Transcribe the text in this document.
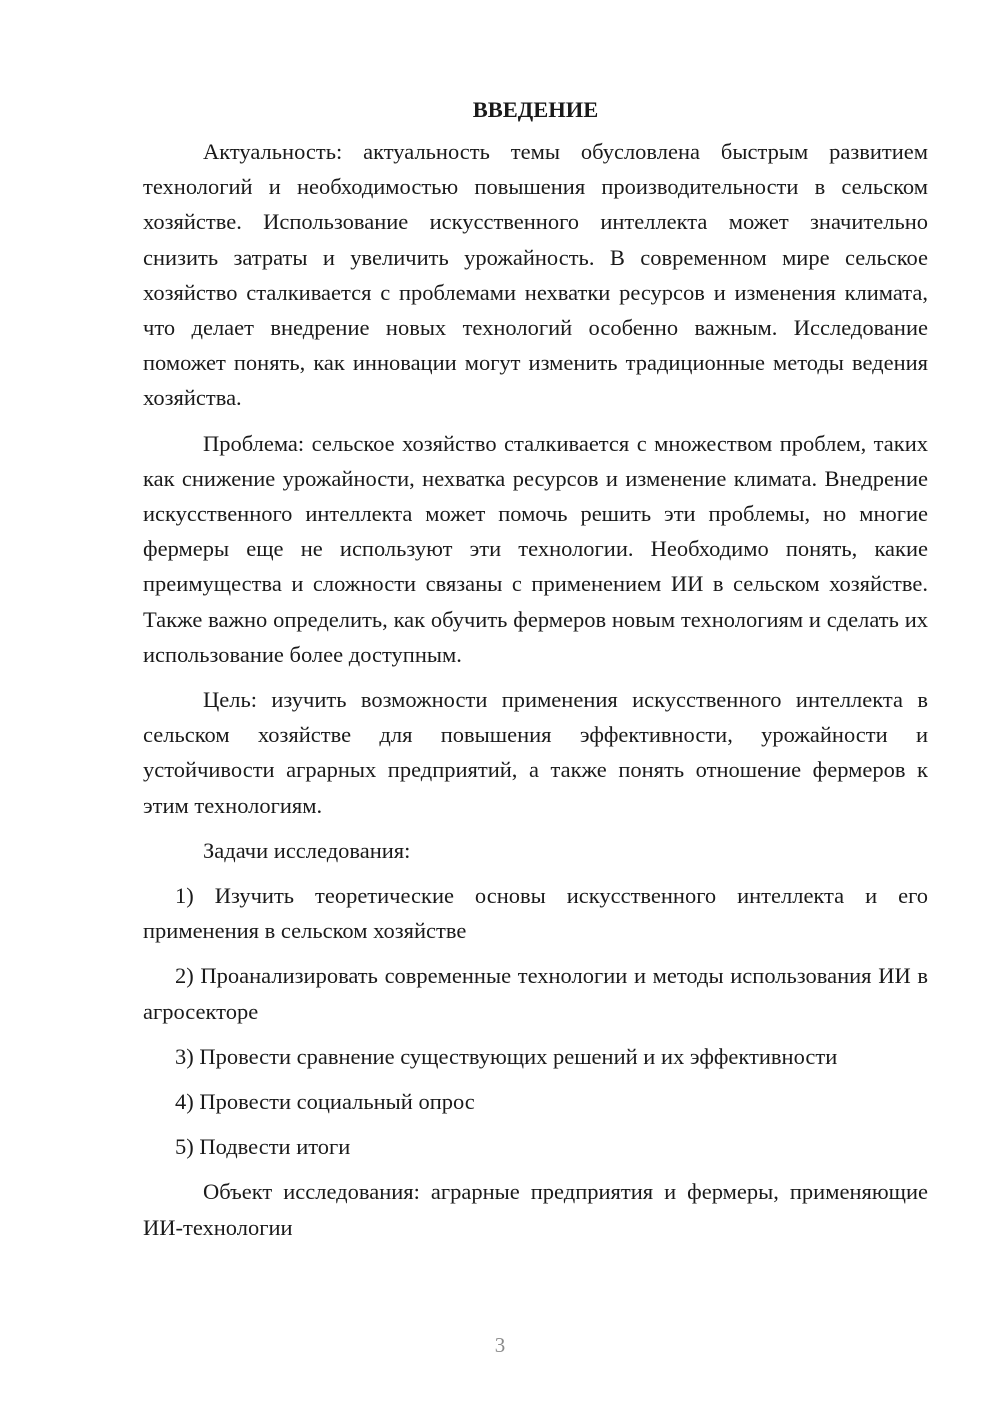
ВВЕДЕНИЕ

Актуальность: актуальность темы обусловлена быстрым развитием технологий и необходимостью повышения производительности в сельском хозяйстве. Использование искусственного интеллекта может значительно снизить затраты и увеличить урожайность. В современном мире сельское хозяйство сталкивается с проблемами нехватки ресурсов и изменения климата, что делает внедрение новых технологий особенно важным. Исследование поможет понять, как инновации могут изменить традиционные методы ведения хозяйства.

Проблема: сельское хозяйство сталкивается с множеством проблем, таких как снижение урожайности, нехватка ресурсов и изменение климата. Внедрение искусственного интеллекта может помочь решить эти проблемы, но многие фермеры еще не используют эти технологии. Необходимо понять, какие преимущества и сложности связаны с применением ИИ в сельском хозяйстве. Также важно определить, как обучить фермеров новым технологиям и сделать их использование более доступным.

Цель: изучить возможности применения искусственного интеллекта в сельском хозяйстве для повышения эффективности, урожайности и устойчивости аграрных предприятий, а также понять отношение фермеров к этим технологиям.

Задачи исследования:

1) Изучить теоретические основы искусственного интеллекта и его применения в сельском хозяйстве

2) Проанализировать современные технологии и методы использования ИИ в агросекторе

3) Провести сравнение существующих решений и их эффективности

4) Провести социальный опрос

5) Подвести итоги

Объект исследования: аграрные предприятия и фермеры, применяющие ИИ-технологии

3
